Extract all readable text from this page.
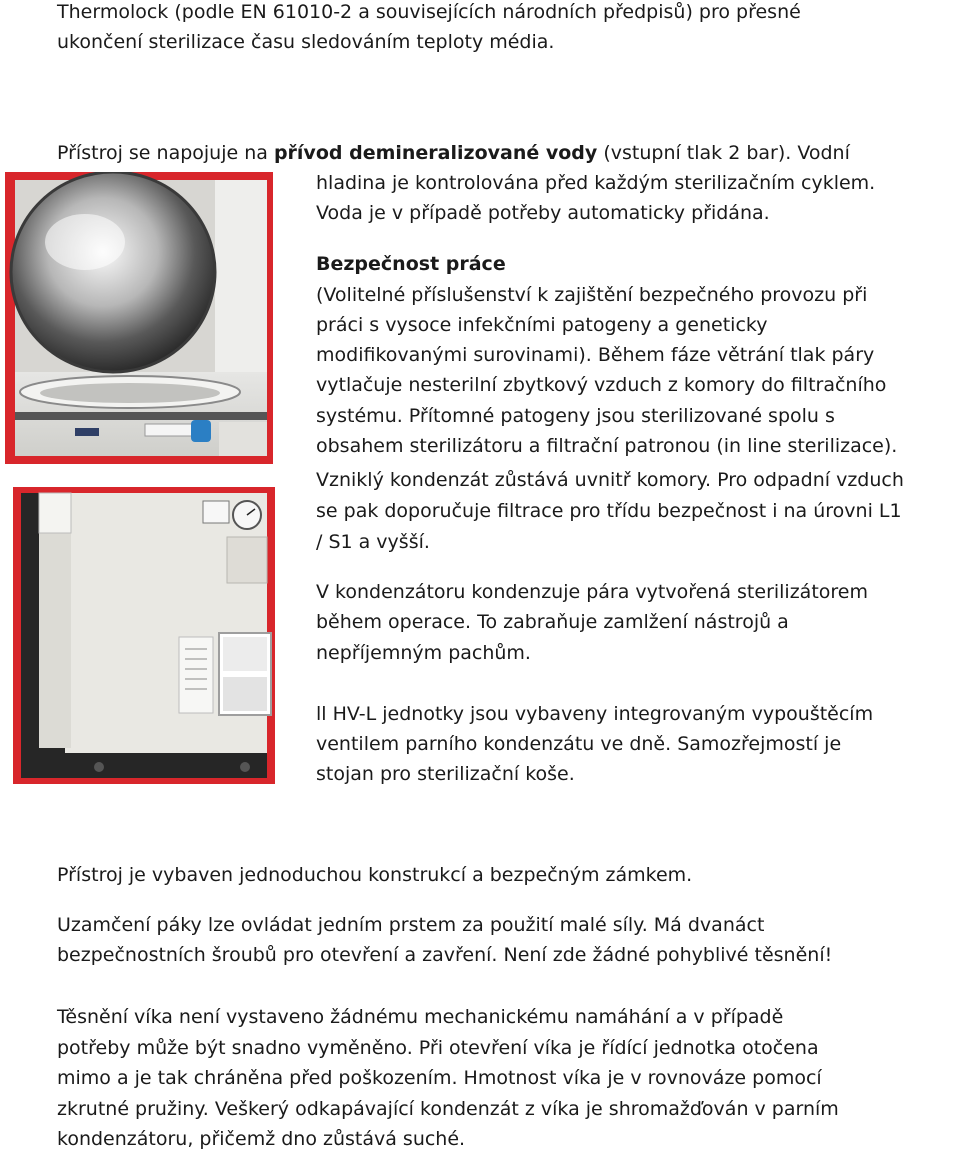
Thermolock (podle EN 61010-2 a souvisejících národních předpisů) pro přesné
ukončení sterilizace času sledováním teploty média.
Přístroj se napojuje na přívod demineralizované vody (vstupní tlak 2 bar). Vodní
hladina je kontrolována před každým sterilizačním cyklem.
Voda je v případě potřeby automaticky přidána.
Bezpečnost práce
(Volitelné příslušenství k zajištění bezpečného provozu při
práci s vysoce infekčními patogeny a geneticky
modifikovanými surovinami). Během fáze větrání tlak páry
vytlačuje nesterilní zbytkový vzduch z komory do filtračního
systému. Přítomné patogeny jsou sterilizované spolu s
obsahem sterilizátoru a filtrační patronou (in line sterilizace).
Vzniklý kondenzát zůstává uvnitř komory. Pro odpadní vzduch
se pak doporučuje filtrace pro třídu bezpečnost i na úrovni L1
/ S1 a vyšší.
V kondenzátoru kondenzuje pára vytvořená sterilizátorem
během operace. To zabraňuje zamlžení nástrojů a
nepříjemným pachům.
ll HV-L jednotky jsou vybaveny integrovaným vypouštěcím
ventilem parního kondenzátu ve dně. Samozřejmostí je
stojan pro sterilizační koše.
Přístroj je vybaven jednoduchou konstrukcí a bezpečným zámkem.
Uzamčení páky lze ovládat jedním prstem za použití malé síly. Má dvanáct
bezpečnostních šroubů pro otevření a zavření. Není zde žádné pohyblivé těsnění!
Těsnění víka není vystaveno žádnému mechanickému namáhání a v případě
potřeby může být snadno vyměněno. Při otevření víka je řídící jednotka otočena
mimo a je tak chráněna před poškozením. Hmotnost víka je v rovnováze pomocí
zkrutné pružiny. Veškerý odkapávající kondenzát z víka je shromažďován v parním
kondenzátoru, přičemž dno zůstává suché.
